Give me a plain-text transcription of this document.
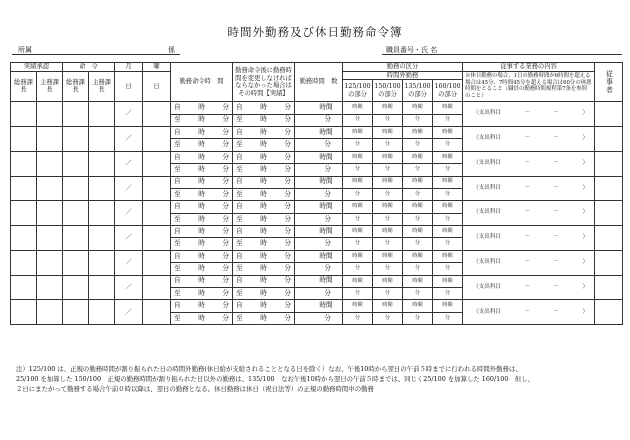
時間外勤務及び休日勤務命令簿
所属	係	職員番号・氏 名
実績承認		命　令		月	曜	勤務命令時　間	勤務命令後に勤務時間を変更しなければならなかった場合はその時間【実績】	勤務時間　数	勤務の区分				従事する業務の内容	従事者

総務課長	主務課長	総務課長	主務課長	日	日				時間外勤務				※休日勤務の場合、1日の勤務時間が6時間を超える場合は45分、7時間45分を超える場合は60分の休憩時間をとること（職員の勤務時間規程第7条を参照のこと）	
									125/100の部分	150/100の部分	135/100の部分	160/100の部分		
				／		自 時 分	自 時 分	時間	時間	時間	時間	時間	（支出科目 － － ）	

						至 時 分	至 時 分	分	分	分	分	分		
				／		自 時 分	自 時 分	時間	時間	時間	時間	時間	（支出科目 － － ）	

						至 時 分	至 時 分	分	分	分	分	分		
				／		自 時 分	自 時 分	時間	時間	時間	時間	時間	（支出科目 － － ）	

						至 時 分	至 時 分	分	分	分	分	分		
				／		自 時 分	自 時 分	時間	時間	時間	時間	時間	（支出科目 － － ）	

						至 時 分	至 時 分	分	分	分	分	分		
				／		自 時 分	自 時 分	時間	時間	時間	時間	時間	（支出科目 － － ）	

						至 時 分	至 時 分	分	分	分	分	分		
				／		自 時 分	自 時 分	時間	時間	時間	時間	時間	（支出科目 － － ）	

						至 時 分	至 時 分	分	分	分	分	分		
				／		自 時 分	自 時 分	時間	時間	時間	時間	時間	（支出科目 － － ）	

						至 時 分	至 時 分	分	分	分	分	分		
				／		自 時 分	自 時 分	時間	時間	時間	時間	時間	（支出科目 － － ）	

						至 時 分	至 時 分	分	分	分	分	分		
				／		自 時 分	自 時 分	時間	時間	時間	時間	時間	（支出科目 － － ）	

						至 時 分	至 時 分	分	分	分	分	分		
注）125/100 は、正規の勤務時間が割り振られた日の時間外勤務(休日給が支給されることとなる日を除く）なお、午後10時から翌日の午前５時までに行われる時間外勤務は、
25/100 を加算した 150/100　正規の勤務時間が割り振られた日以外の勤務は、135/100　なお午後10時から翌日の午前５時までは、同じく25/100 を加算した 160/100　但し、
２日にまたがって勤務する場合午前０時以降は、翌日の勤務となる。休日勤務は休日（祝日法等）の正規の勤務時間中の勤務
